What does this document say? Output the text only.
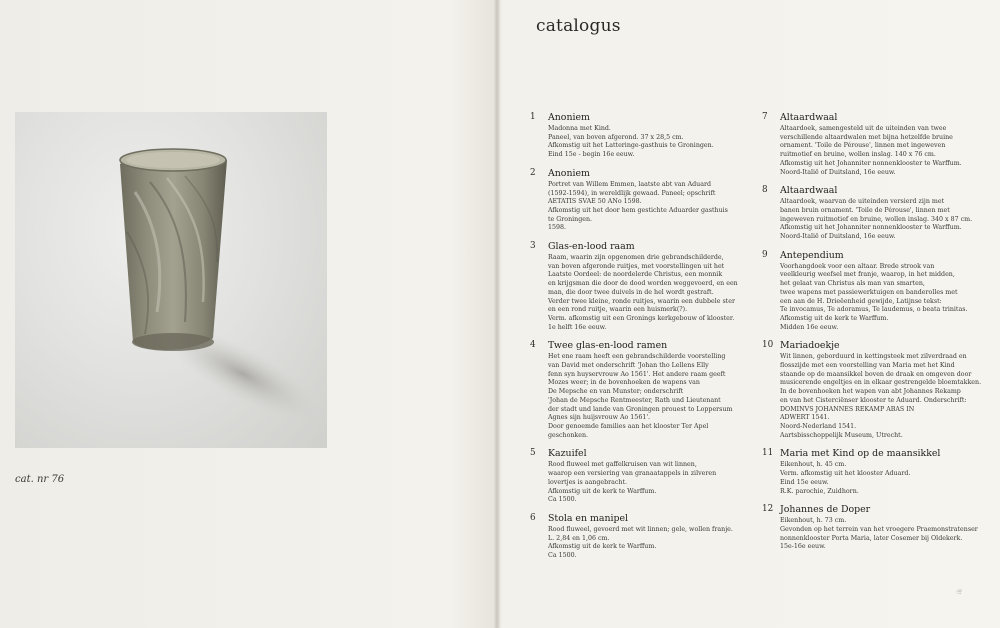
cat. nr 76
catalogus
1	Anoniem
Madonna met Kind.
Paneel, van boven afgerond. 37 x 28,5 cm.
Afkomstig uit het Latteringe-gasthuis te Groningen.
Eind 15e - begin 16e eeuw.
2	Anoniem
Portret van Willem Emmen, laatste abt van Aduard
(1592-1594), in wereldlijk gewaad. Paneel; opschrift
AETATIS SVAE 50 ANo 1598.
Afkomstig uit het door hem gestichte Aduarder gasthuis
te Groningen.
1598.
3	Glas-en-lood raam
Raam, waarin zijn opgenomen drie gebrandschilderde,
van boven afgeronde ruitjes, met voorstellingen uit het
Laatste Oordeel: de noordelerde Christus, een monnik
en krijgsman die door de dood worden weggevoerd, en een
man, die door twee duivels in de hel wordt gestraft.
Verder twee kleine, ronde ruitjes, waarin een dubbele ster
en een rond ruitje, waarin een huismerk(?).
Verm. afkomstig uit een Gronings kerkgebouw of klooster.
1e helft 16e eeuw.
4	Twee glas-en-lood ramen
Het ene raam heeft een gebrandschilderde voorstelling
van David met onderschrift 'Johan tho Lellens Elly
fenn syn huyservrouw Ao 1561'. Het andere raam geeft
Mozes weer; in de bovenhoeken de wapens van
De Mepsche en van Munster; onderschrift
'Johan de Mepsche Rentmeester, Rath und Lieutenant
der stadt und lande van Groningen prouest to Loppersum
Agnes sijn huijsvrouw Ao 1561'.
Door genoemde families aan het klooster Ter Apel
geschonken.
5	Kazuifel
Rood fluweel met gaffelkruisen van wit linnen,
waarop een versiering van granaatappels in zilveren
lovertjes is aangebracht.
Afkomstig uit de kerk te Warffum.
Ca 1500.
6	Stola en manipel
Rood fluweel, gevoerd met wit linnen; gele, wollen franje.
L. 2,84 en 1,06 cm.
Afkomstig uit de kerk te Warffum.
Ca 1500.
7	Altaardwaal
Altaardoek, samengesteld uit de uiteinden van twee
verschillende altaardwalen met bijna hetzelfde bruine
ornament. 'Toile de Pérouse', linnen met ingeweven
ruitmotief en bruine, wollen inslag. 140 x 76 cm.
Afkomstig uit het Johanniter nonnenklooster te Warffum.
Noord-Italië of Duitsland, 16e eeuw.
8	Altaardwaal
Altaardoek, waarvan de uiteinden versierd zijn met
banen bruin ornament. 'Toile de Pérouse', linnen met
ingeweven ruitmotief en bruine, wollen inslag. 340 x 87 cm.
Afkomstig uit het Johanniter nonnenklooster te Warffum.
Noord-Italië of Duitsland, 16e eeuw.
9	Antependium
Voorhangdoek voor een altaar. Brede strook van
veelkleurig weefsel met franje, waarop, in het midden,
het gelaat van Christus als man van smarten,
twee wapens met passiewerktuigen en banderolles met
een aan de H. Drieëenheid gewijde, Latijnse tekst:
Te invocamus, Te adoramus, Te laudemus, o beata trinitas.
Afkomstig uit de kerk te Warffum.
Midden 16e eeuw.
10 Mariadoekje
Wit linnen, geborduurd in kettingsteek met zilverdraad en
flosszijde met een voorstelling van Maria met het Kind
staande op de maansikkel boven de draak en omgeven door
musicerende engeltjes en in elkaar gestrengelde bloemtakken.
In de bovenhoeken het wapen van abt Johannes Rekamp
en van het Cisterciënser klooster te Aduard. Onderschrift:
DOMINVS JOHANNES REKAMP ABAS IN
ADWERT 1541.
Noord-Nederland 1541.
Aartsbisschoppelijk Museum, Utrecht.
11 Maria met Kind op de maansikkel
Eikenhout, h. 45 cm.
Verm. afkomstig uit het klooster Aduard.
Eind 15e eeuw.
R.K. parochie, Zuidhorn.
12 Johannes de Doper
Eikenhout, h. 73 cm.
Gevonden op het terrein van het vroegere Praemonstratenser
nonnenklooster Porta Maria, later Cosemer bij Oldekerk.
15e-16e eeuw.
ik
